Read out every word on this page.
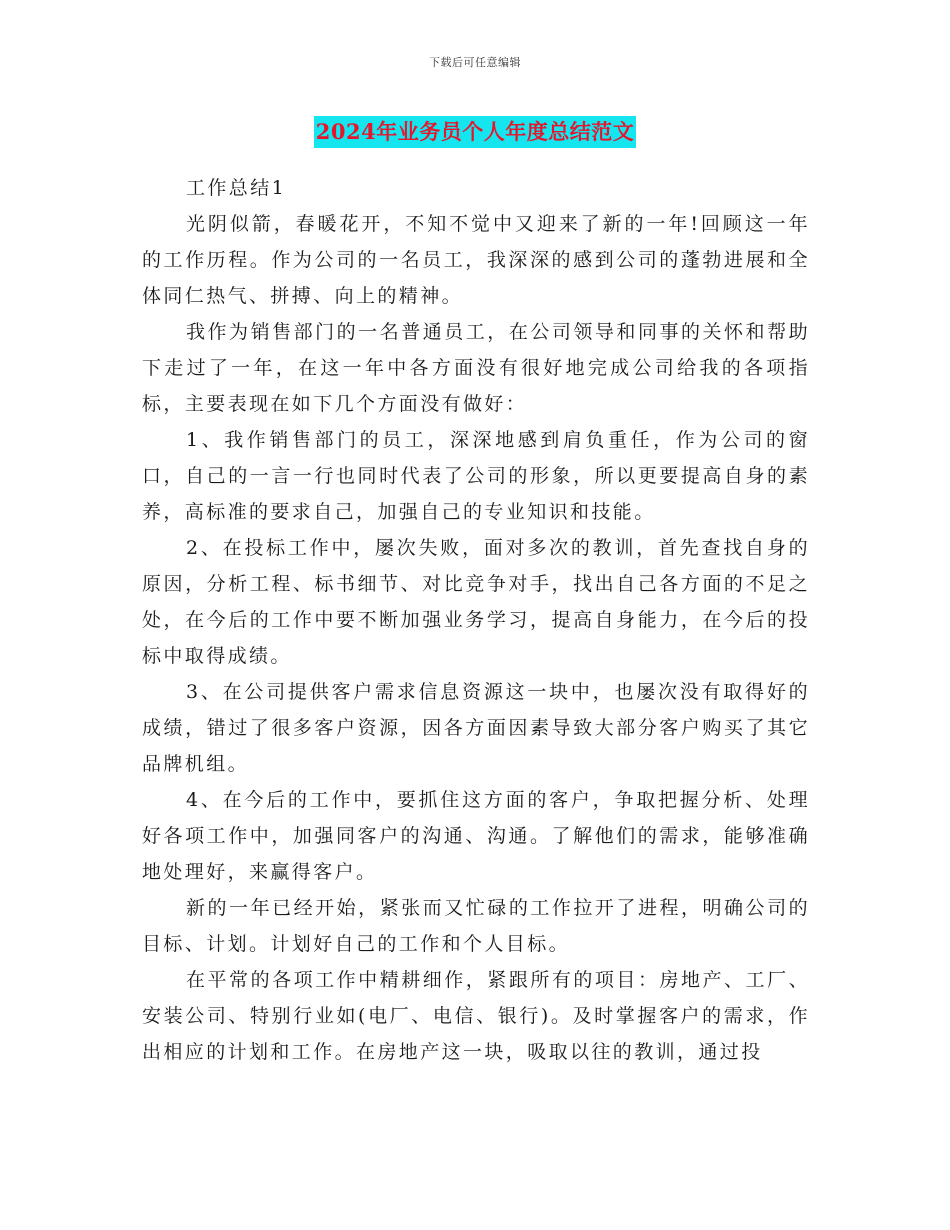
下载后可任意编辑
2024年业务员个人年度总结范文

工作总结1

光阴似箭，春暖花开，不知不觉中又迎来了新的一年!回顾这一年的工作历程。作为公司的一名员工，我深深的感到公司的蓬勃进展和全体同仁热气、拼搏、向上的精神。

我作为销售部门的一名普通员工，在公司领导和同事的关怀和帮助下走过了一年，在这一年中各方面没有很好地完成公司给我的各项指标，主要表现在如下几个方面没有做好：

1、我作销售部门的员工，深深地感到肩负重任，作为公司的窗口，自己的一言一行也同时代表了公司的形象，所以更要提高自身的素养，高标准的要求自己，加强自己的专业知识和技能。

2、在投标工作中，屡次失败，面对多次的教训，首先查找自身的原因，分析工程、标书细节、对比竞争对手，找出自己各方面的不足之处，在今后的工作中要不断加强业务学习，提高自身能力，在今后的投标中取得成绩。

3、在公司提供客户需求信息资源这一块中，也屡次没有取得好的成绩，错过了很多客户资源，因各方面因素导致大部分客户购买了其它品牌机组。

4、在今后的工作中，要抓住这方面的客户，争取把握分析、处理好各项工作中，加强同客户的沟通、沟通。了解他们的需求，能够准确地处理好，来赢得客户。

新的一年已经开始，紧张而又忙碌的工作拉开了进程，明确公司的目标、计划。计划好自己的工作和个人目标。

在平常的各项工作中精耕细作，紧跟所有的项目：房地产、工厂、安装公司、特别行业如(电厂、电信、银行)。及时掌握客户的需求，作出相应的计划和工作。在房地产这一块，吸取以往的教训，通过投
